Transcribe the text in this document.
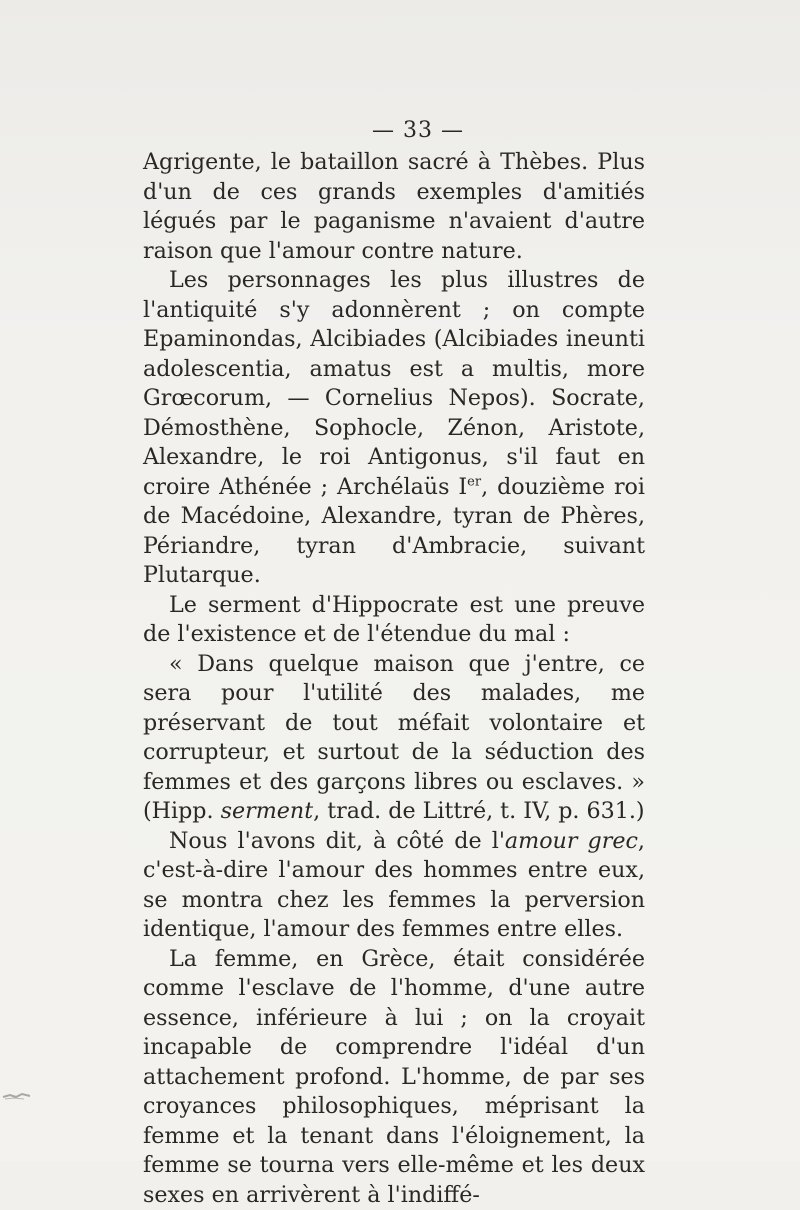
— 33 —

Agrigente, le bataillon sacré à Thèbes. Plus d'un de ces grands exemples d'amitiés légués par le paganisme n'avaient d'autre raison que l'amour contre nature.

Les personnages les plus illustres de l'antiquité s'y adonnèrent ; on compte Epaminondas, Alcibiades (Alcibiades ineunti adolescentia, amatus est a multis, more Grœcorum, — Cornelius Nepos). Socrate, Démosthène, Sophocle, Zénon, Aristote, Alexandre, le roi Antigonus, s'il faut en croire Athénée ; Archélaüs Ier, douzième roi de Macédoine, Alexandre, tyran de Phères, Périandre, tyran d'Ambracie, suivant Plutarque.

Le serment d'Hippocrate est une preuve de l'existence et de l'étendue du mal :

« Dans quelque maison que j'entre, ce sera pour l'utilité des malades, me préservant de tout méfait volontaire et corrupteur, et surtout de la séduction des femmes et des garçons libres ou esclaves. » (Hipp. serment, trad. de Littré, t. IV, p. 631.)

Nous l'avons dit, à côté de l'amour grec, c'est-à-dire l'amour des hommes entre eux, se montra chez les femmes la perversion identique, l'amour des femmes entre elles.

La femme, en Grèce, était considérée comme l'esclave de l'homme, d'une autre essence, inférieure à lui ; on la croyait incapable de comprendre l'idéal d'un attachement profond. L'homme, de par ses croyances philosophiques, méprisant la femme et la tenant dans l'éloignement, la femme se tourna vers elle-même et les deux sexes en arrivèrent à l'indiffé-
